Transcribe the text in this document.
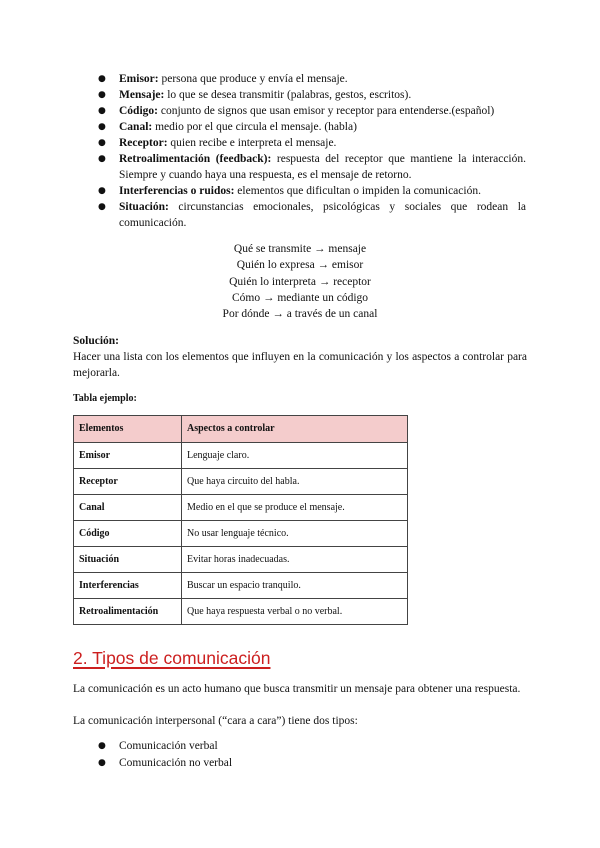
● Emisor: persona que produce y envía el mensaje.
● Mensaje: lo que se desea transmitir (palabras, gestos, escritos).
● Código: conjunto de signos que usan emisor y receptor para entenderse.(español)
● Canal: medio por el que circula el mensaje. (habla)
● Receptor: quien recibe e interpreta el mensaje.
● Retroalimentación (feedback): respuesta del receptor que mantiene la interacción. Siempre y cuando haya una respuesta, es el mensaje de retorno.
● Interferencias o ruidos: elementos que dificultan o impiden la comunicación.
● Situación: circunstancias emocionales, psicológicas y sociales que rodean la comunicación.
Qué se transmite → mensaje
Quién lo expresa → emisor
Quién lo interpreta → receptor
Cómo → mediante un código
Por dónde → a través de un canal
Solución:
Hacer una lista con los elementos que influyen en la comunicación y los aspectos a controlar para mejorarla.
Tabla ejemplo:
Elementos	Aspectos a controlar
Emisor	Lenguaje claro.
Receptor	Que haya circuito del habla.
Canal	Medio en el que se produce el mensaje.
Código	No usar lenguaje técnico.
Situación	Evitar horas inadecuadas.
Interferencias	Buscar un espacio tranquilo.
Retroalimentación	Que haya respuesta verbal o no verbal.
2. Tipos de comunicación
La comunicación es un acto humano que busca transmitir un mensaje para obtener una respuesta.
La comunicación interpersonal (“cara a cara”) tiene dos tipos:
● Comunicación verbal
● Comunicación no verbal
